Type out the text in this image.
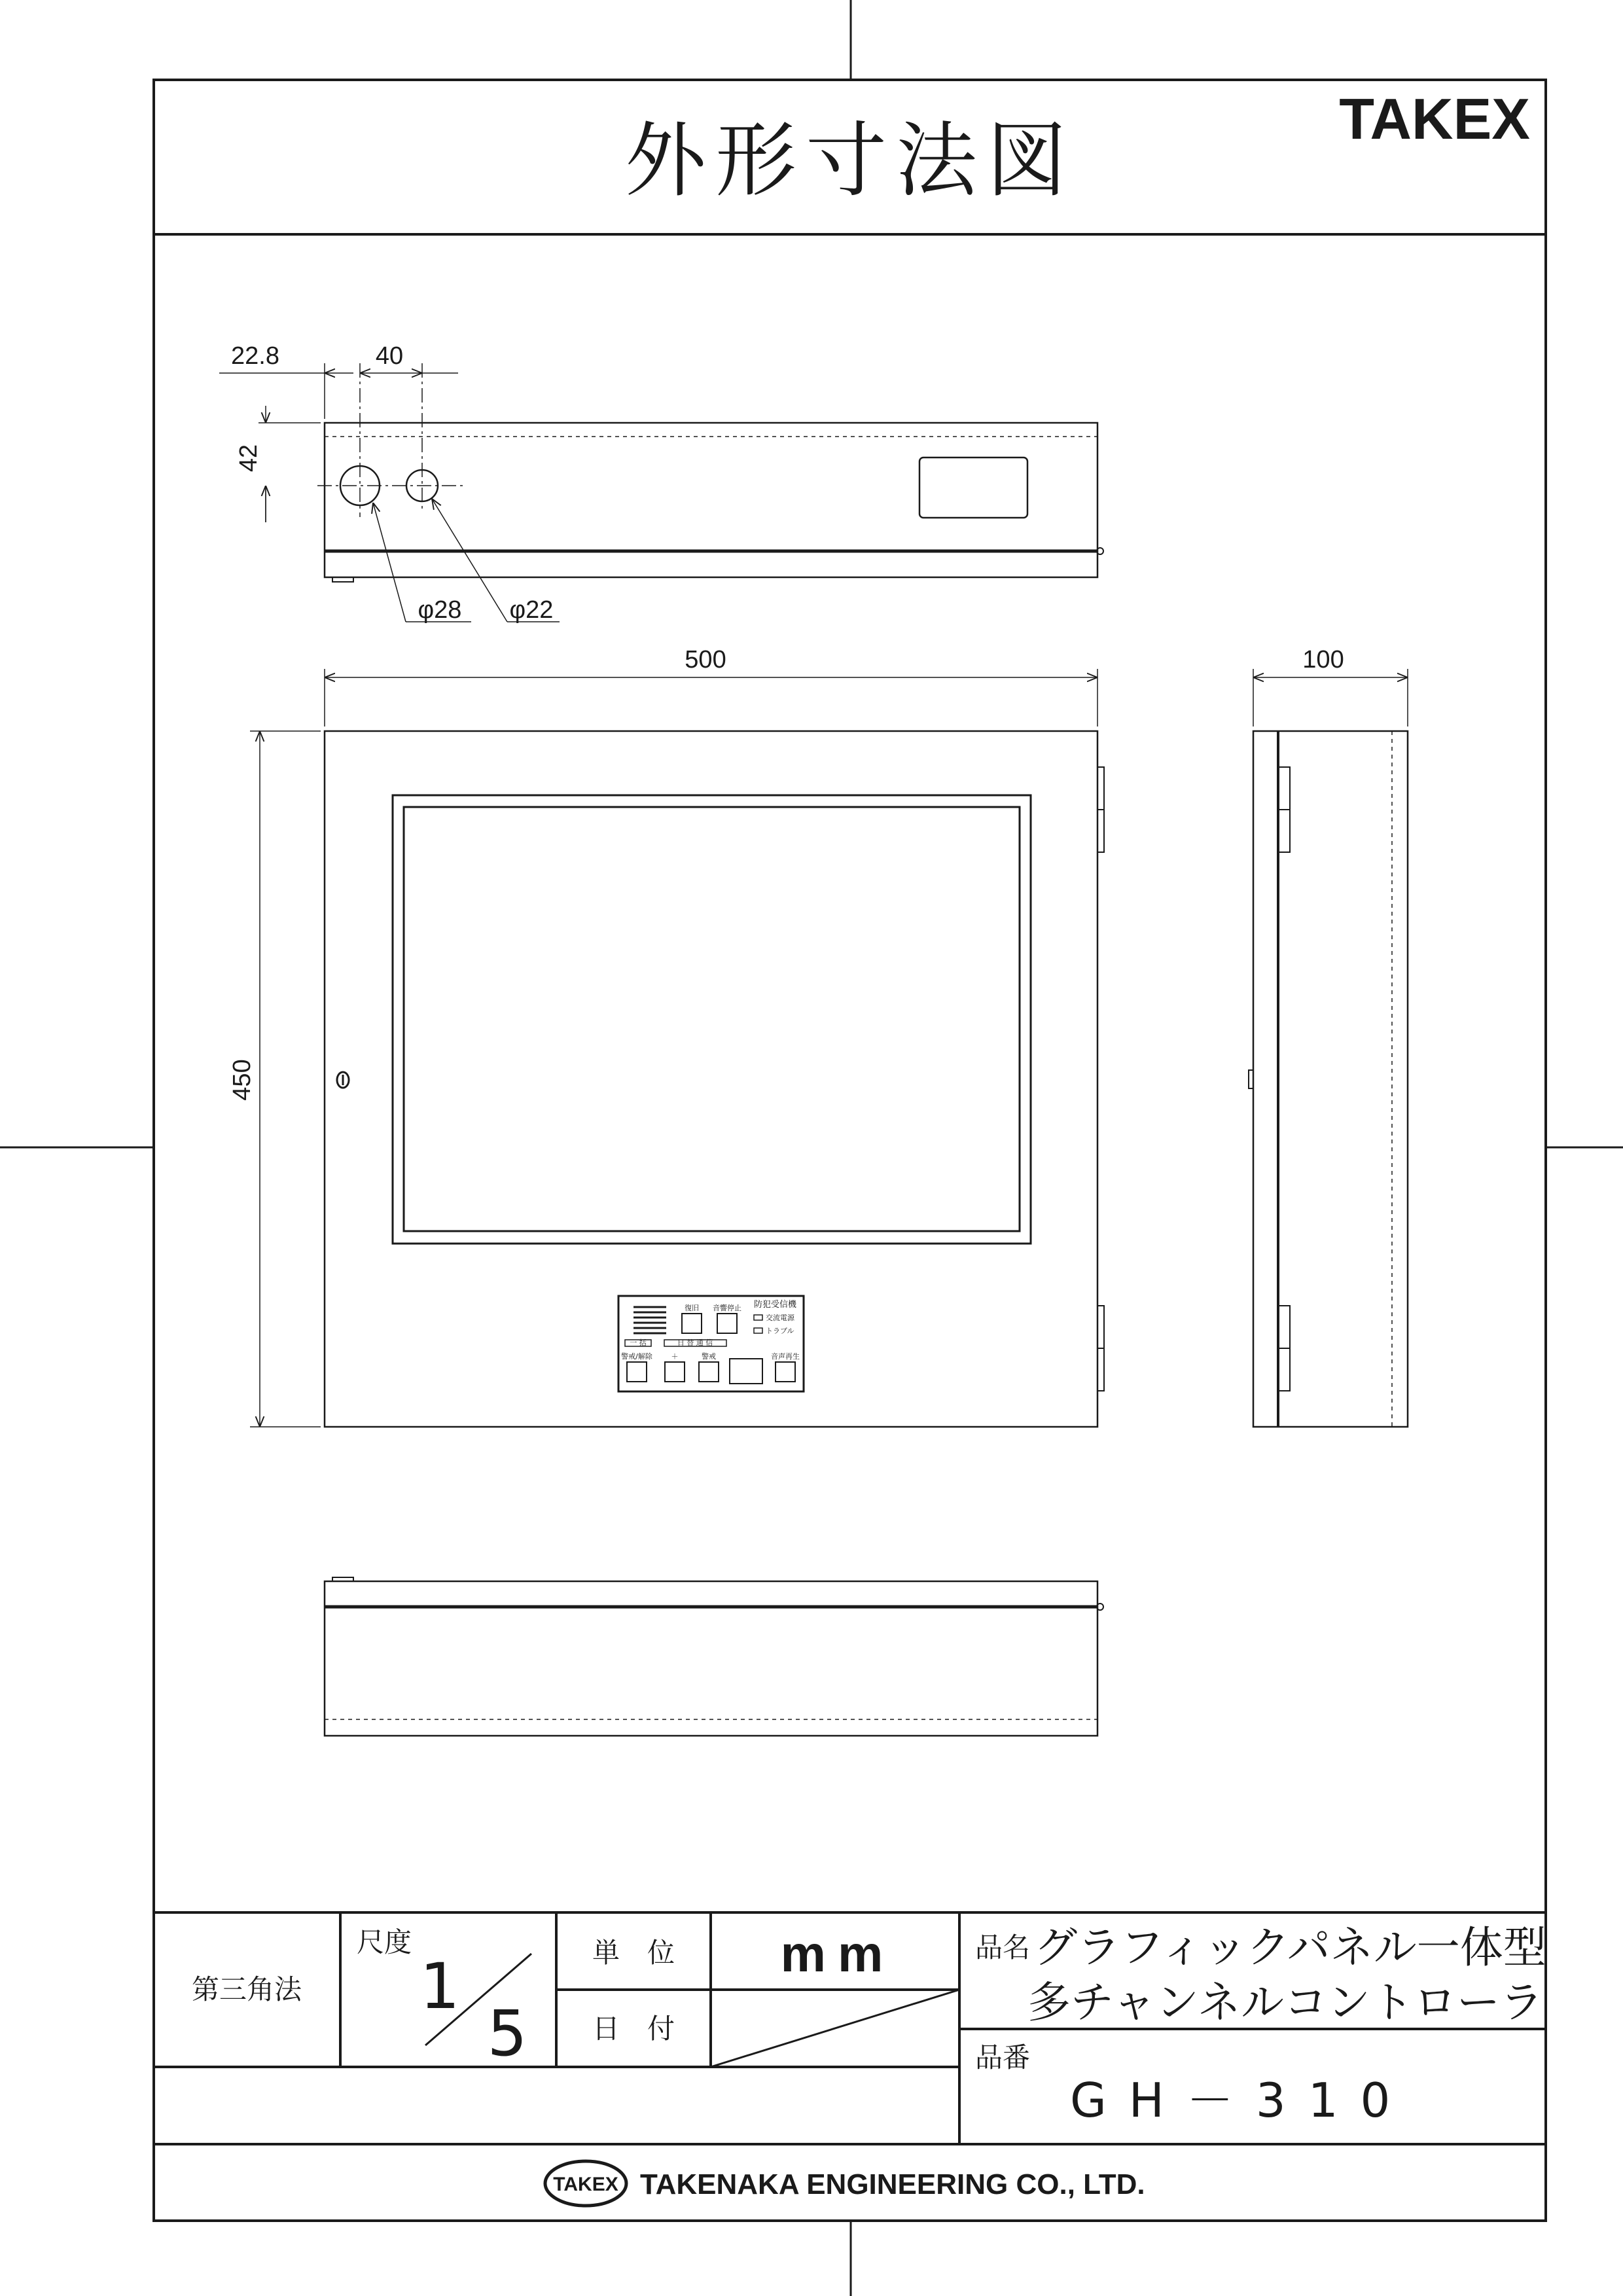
外形寸法図	TAKEX
22.8	40
42
φ28 φ22
500
450
防犯受信機
復旧 音響停止
交流電源
トラブル
一 括	日 替 通 信
警戒/解除	＋	警戒	音声再生
100
第三角法
尺度
1
5
単　位 mm
日　付
品名 グラフィックパネル一体型
多チャンネルコントローラ
品番
GH－310
TAKEX TAKENAKA ENGINEERING CO., LTD.
